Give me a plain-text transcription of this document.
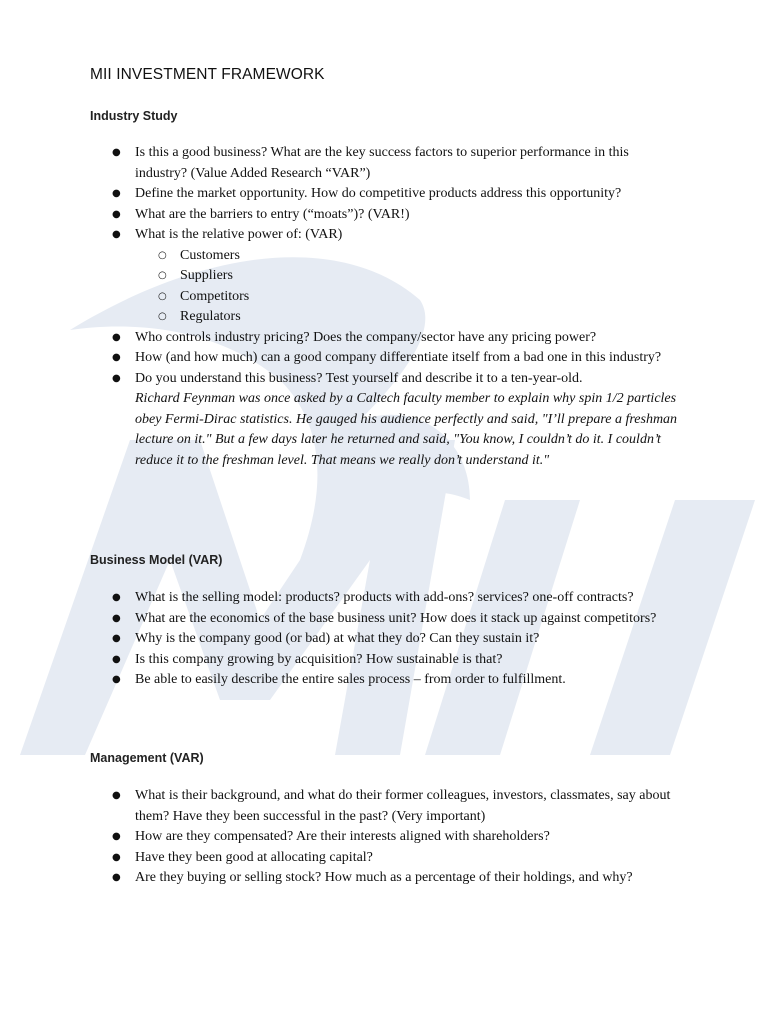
MII INVESTMENT FRAMEWORK
Industry Study
● Is this a good business? What are the key success factors to superior performance in this industry? (Value Added Research “VAR”)
● Define the market opportunity. How do competitive products address this opportunity?
● What are the barriers to entry (“moats”)? (VAR!)
● What is the relative power of: (VAR)
○ Customers
○ Suppliers
○ Competitors
○ Regulators
● Who controls industry pricing? Does the company/sector have any pricing power?
● How (and how much) can a good company differentiate itself from a bad one in this industry?
● Do you understand this business? Test yourself and describe it to a ten-year-old.
Richard Feynman was once asked by a Caltech faculty member to explain why spin 1/2 particles obey Fermi-Dirac statistics. He gauged his audience perfectly and said, "I’ll prepare a freshman lecture on it." But a few days later he returned and said, "You know, I couldn’t do it. I couldn’t reduce it to the freshman level. That means we really don’t understand it."
Business Model (VAR)
● What is the selling model: products? products with add-ons? services? one-off contracts?
● What are the economics of the base business unit? How does it stack up against competitors?
● Why is the company good (or bad) at what they do? Can they sustain it?
● Is this company growing by acquisition? How sustainable is that?
● Be able to easily describe the entire sales process – from order to fulfillment.
Management (VAR)
● What is their background, and what do their former colleagues, investors, classmates, say about them? Have they been successful in the past? (Very important)
● How are they compensated? Are their interests aligned with shareholders?
● Have they been good at allocating capital?
● Are they buying or selling stock? How much as a percentage of their holdings, and why?
